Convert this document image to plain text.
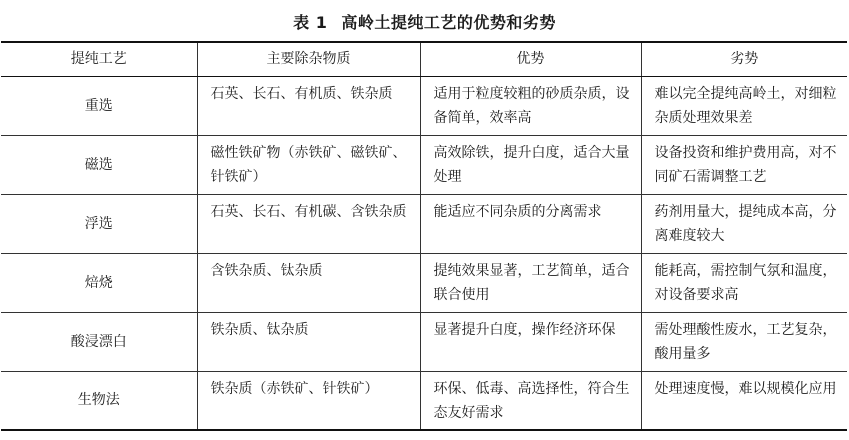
表 1 高岭土提纯工艺的优势和劣势
提纯工艺	主要除杂物质	优势	劣势
重选	石英、长石、有机质、铁杂质	适用于粒度较粗的砂质杂质，设备简单，效率高	难以完全提纯高岭土，对细粒杂质处理效果差
磁选	磁性铁矿物（赤铁矿、磁铁矿、针铁矿）	高效除铁，提升白度，适合大量处理	设备投资和维护费用高，对不同矿石需调整工艺
浮选	石英、长石、有机碳、含铁杂质	能适应不同杂质的分离需求	药剂用量大，提纯成本高，分离难度较大
焙烧	含铁杂质、钛杂质	提纯效果显著，工艺简单，适合联合使用	能耗高，需控制气氛和温度，对设备要求高
酸浸漂白	铁杂质、钛杂质	显著提升白度，操作经济环保	需处理酸性废水，工艺复杂，酸用量多
生物法	铁杂质（赤铁矿、针铁矿）	环保、低毒、高选择性，符合生态友好需求	处理速度慢，难以规模化应用
